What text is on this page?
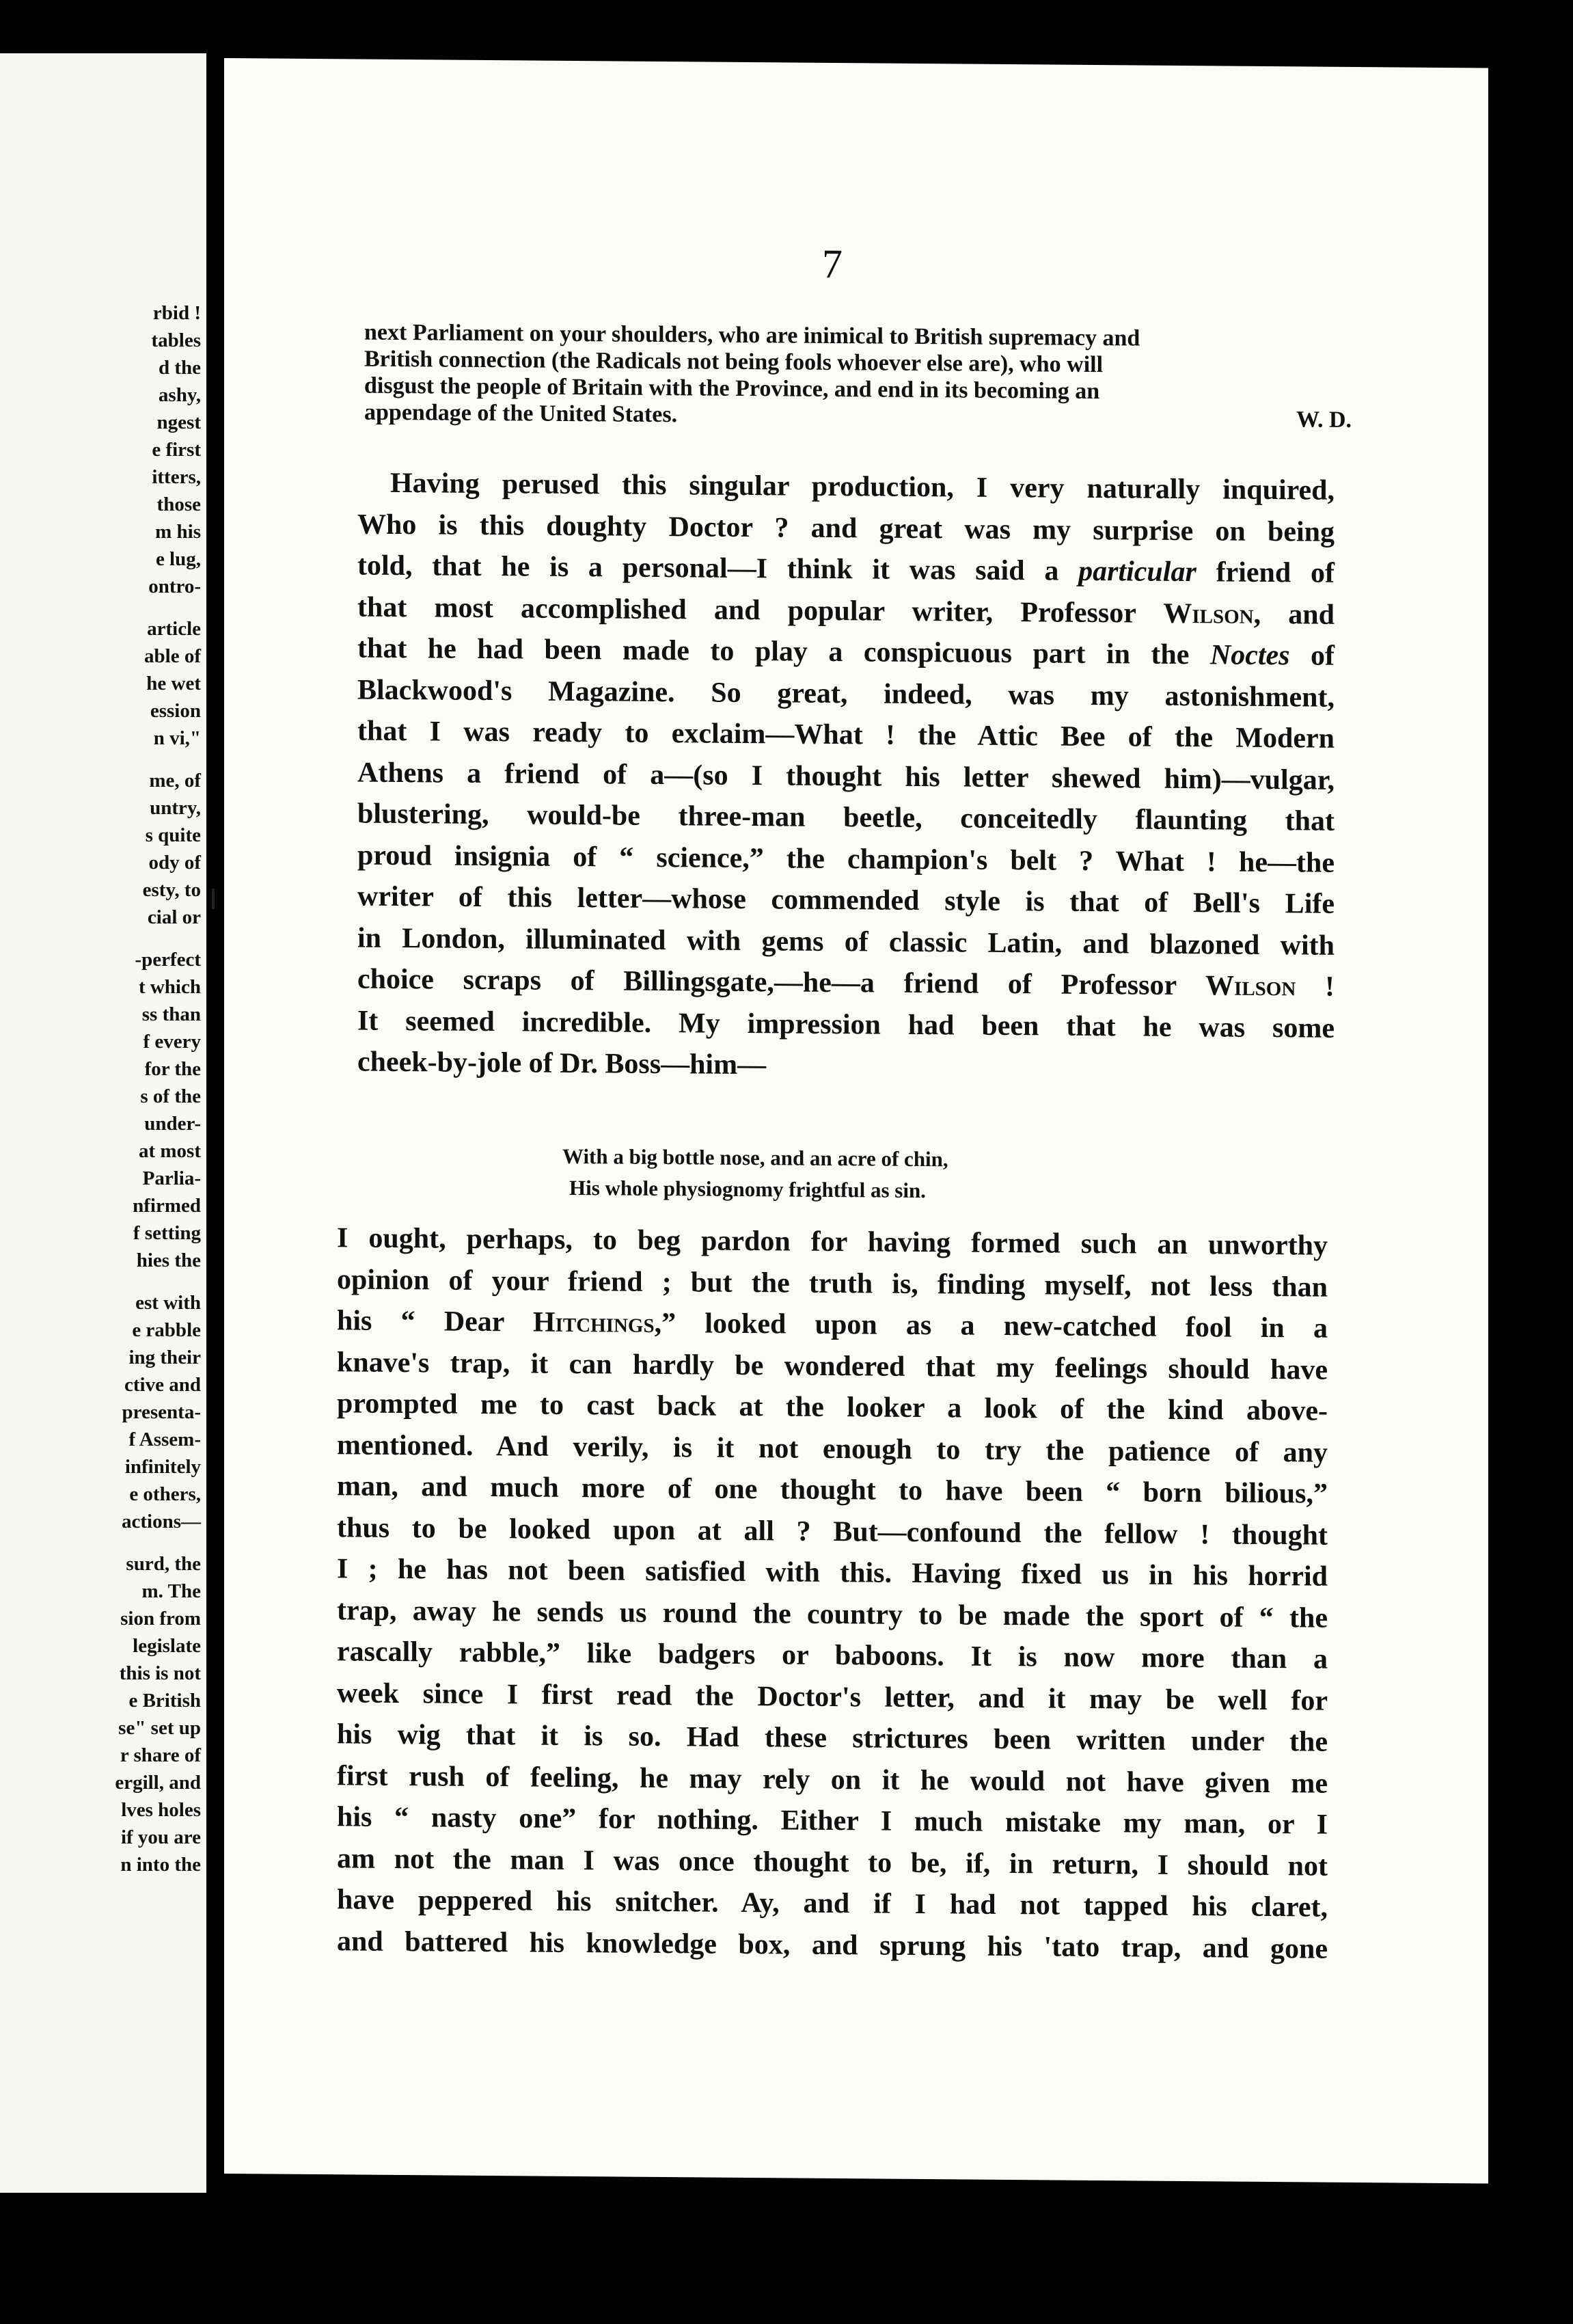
rbid !
tables
d the
ashy,
ngest
e first
itters,
those
m his
e lug,
ontro-
article
able of
he wet
ession
n vi,"
me, of
untry,
s quite
ody of
esty, to
cial or
-perfect
t which
ss than
f every
for the
s of the
under-
at most
Parlia-
nfirmed
f setting
hies the
est with
e rabble
ing their
ctive and
presenta-
f Assem-
infinitely
e others,
actions—
surd, the
m. The
sion from
legislate
this is not
e British
se" set up
r share of
ergill, and
lves holes
if you are
n into the
7
next Parliament on your shoulders, who are inimical to British supremacy and
British connection (the Radicals not being fools whoever else are), who will
disgust the people of Britain with the Province, and end in its becoming an
appendage of the United States.	W. D.
Having perused this singular production, I very naturally inquired,
Who is this doughty Doctor ? and great was my surprise on being
told, that he is a personal—I think it was said a particular friend of
that most accomplished and popular writer, Professor Wilson, and
that he had been made to play a conspicuous part in the Noctes of
Blackwood's Magazine. So great, indeed, was my astonishment,
that I was ready to exclaim—What ! the Attic Bee of the Modern
Athens a friend of a—(so I thought his letter shewed him)—vulgar,
blustering, would-be three-man beetle, conceitedly flaunting that
proud insignia of “ science,” the champion's belt ? What ! he—the
writer of this letter—whose commended style is that of Bell's Life
in London, illuminated with gems of classic Latin, and blazoned with
choice scraps of Billingsgate,—he—a friend of Professor Wilson !
It seemed incredible. My impression had been that he was some
cheek-by-jole of Dr. Boss—him—
With a big bottle nose, and an acre of chin,
His whole physiognomy frightful as sin.
I ought, perhaps, to beg pardon for having formed such an unworthy
opinion of your friend ; but the truth is, finding myself, not less than
his “ Dear Hitchings,” looked upon as a new-catched fool in a
knave's trap, it can hardly be wondered that my feelings should have
prompted me to cast back at the looker a look of the kind above-
mentioned. And verily, is it not enough to try the patience of any
man, and much more of one thought to have been “ born bilious,”
thus to be looked upon at all ? But—confound the fellow ! thought
I ; he has not been satisfied with this. Having fixed us in his horrid
trap, away he sends us round the country to be made the sport of “ the
rascally rabble,” like badgers or baboons. It is now more than a
week since I first read the Doctor's letter, and it may be well for
his wig that it is so. Had these strictures been written under the
first rush of feeling, he may rely on it he would not have given me
his “ nasty one” for nothing. Either I much mistake my man, or I
am not the man I was once thought to be, if, in return, I should not
have peppered his snitcher. Ay, and if I had not tapped his claret,
and battered his knowledge box, and sprung his 'tato trap, and gone
